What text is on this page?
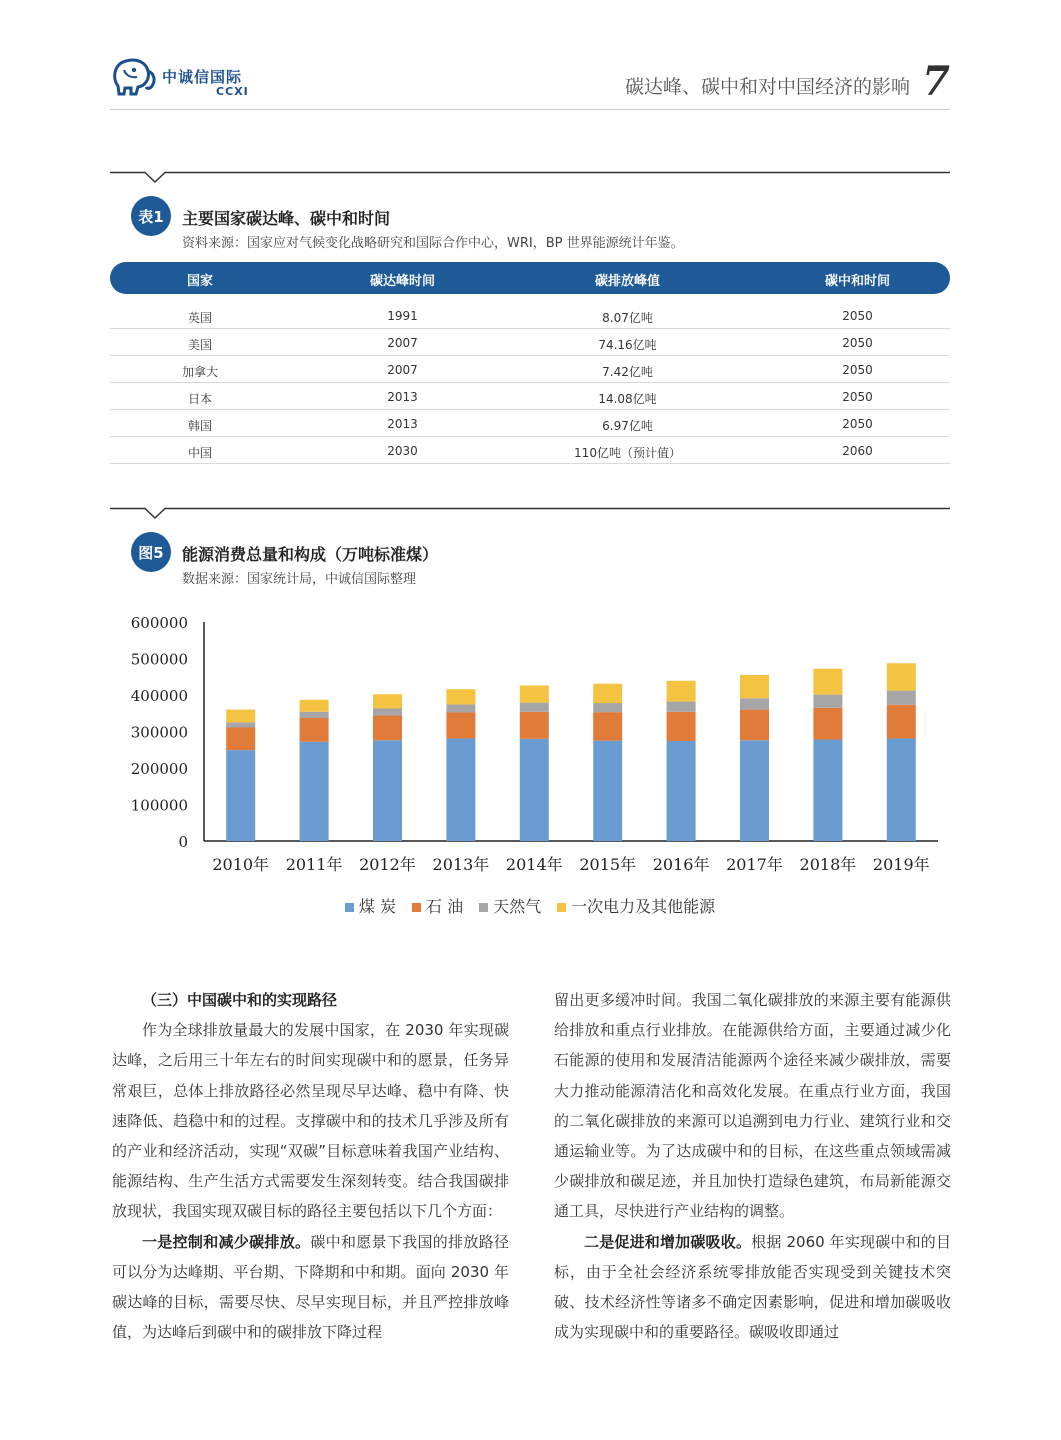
中诚信国际
CCXI	碳达峰、碳中和对中国经济的影响 7
表1	主要国家碳达峰、碳中和时间
资料来源：国家应对气候变化战略研究和国际合作中心，WRI，BP 世界能源统计年鉴。
国家	碳达峰时间	碳排放峰值	碳中和时间
英国	1991	8.07亿吨	2050
美国	2007	74.16亿吨	2050
加拿大	2007	7.42亿吨	2050
日本	2013	14.08亿吨	2050
韩国	2013	6.97亿吨	2050
中国	2030	110亿吨（预计值）	2060
图5	能源消费总量和构成（万吨标准煤）
数据来源：国家统计局，中诚信国际整理
0
100000
200000
300000
400000
500000
600000
2010年 2011年 2012年 2013年 2014年 2015年 2016年 2017年 2018年 2019年
煤 炭 石 油 天然气 一次电力及其他能源

（三）中国碳中和的实现路径

作为全球排放量最大的发展中国家，在 2030 年实现碳达峰，之后用三十年左右的时间实现碳中和的愿景，任务异常艰巨，总体上排放路径必然呈现尽早达峰、稳中有降、快速降低、趋稳中和的过程。支撑碳中和的技术几乎涉及所有的产业和经济活动，实现“双碳”目标意味着我国产业结构、能源结构、生产生活方式需要发生深刻转变。结合我国碳排放现状，我国实现双碳目标的路径主要包括以下几个方面：

一是控制和减少碳排放。碳中和愿景下我国的排放路径可以分为达峰期、平台期、下降期和中和期。面向 2030 年碳达峰的目标，需要尽快、尽早实现目标，并且严控排放峰值，为达峰后到碳中和的碳排放下降过程

留出更多缓冲时间。我国二氧化碳排放的来源主要有能源供给排放和重点行业排放。在能源供给方面，主要通过减少化石能源的使用和发展清洁能源两个途径来减少碳排放，需要大力推动能源清洁化和高效化发展。在重点行业方面，我国的二氧化碳排放的来源可以追溯到电力行业、建筑行业和交通运输业等。为了达成碳中和的目标，在这些重点领域需减少碳排放和碳足迹，并且加快打造绿色建筑，布局新能源交通工具，尽快进行产业结构的调整。

二是促进和增加碳吸收。根据 2060 年实现碳中和的目标，由于全社会经济系统零排放能否实现受到关键技术突破、技术经济性等诸多不确定因素影响，促进和增加碳吸收成为实现碳中和的重要路径。碳吸收即通过
